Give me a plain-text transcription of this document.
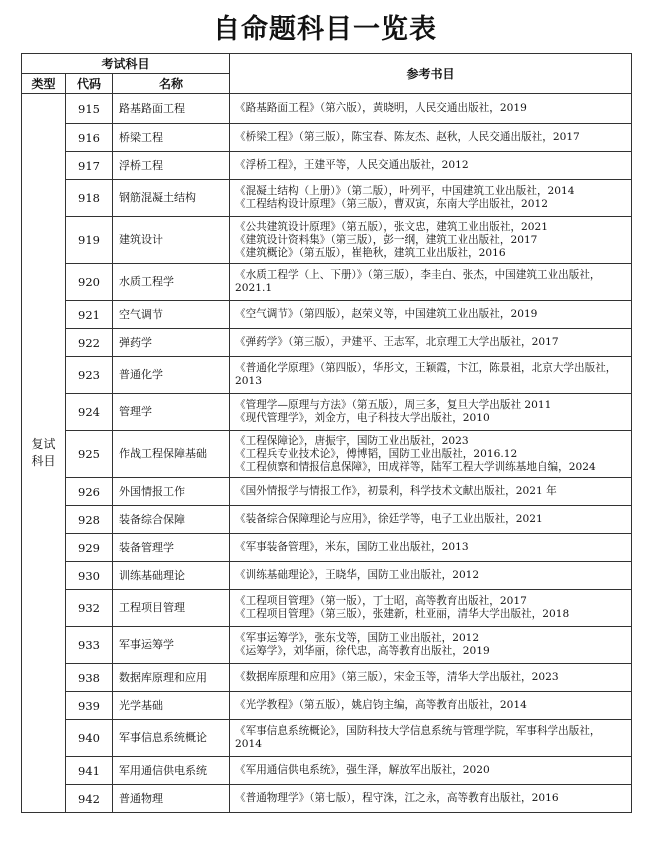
自命题科目一览表
考试科目			参考书目
类型	代码	名称	
复试
科目	915	路基路面工程	《路基路面工程》（第六版），黄晓明，人民交通出版社，2019

	916	桥梁工程	《桥梁工程》（第三版），陈宝春、陈友杰、赵秋，人民交通出版社，2017

	917	浮桥工程	《浮桥工程》，王建平等，人民交通出版社，2012

	918	钢筋混凝土结构	《混凝土结构（上册）》（第二版），叶列平，中国建筑工业出版社，2014
《工程结构设计原理》（第三版），曹双寅，东南大学出版社，2012

	919	建筑设计	《公共建筑设计原理》（第五版），张文忠，建筑工业出版社，2021
《建筑设计资料集》（第三版），彭一纲，建筑工业出版社，2017
《建筑概论》（第五版），崔艳秋，建筑工业出版社，2016

	920	水质工程学	《水质工程学（上、下册）》（第三版），李圭白、张杰，中国建筑工业出版社，2021.1

	921	空气调节	《空气调节》（第四版），赵荣义等，中国建筑工业出版社，2019

	922	弹药学	《弹药学》（第三版），尹建平、王志军，北京理工大学出版社，2017

	923	普通化学	《普通化学原理》（第四版），华彤文，王颖霞，卞江，陈景祖，北京大学出版社，2013

	924	管理学	《管理学—原理与方法》（第五版），周三多，复旦大学出版社 2011
《现代管理学》，刘金方，电子科技大学出版社，2010

	925	作战工程保障基础	《工程保障论》，唐振宇，国防工业出版社，2023
《工程兵专业技术论》，傅博韬，国防工业出版社，2016.12
《工程侦察和情报信息保障》，田成祥等，陆军工程大学训练基地自编，2024

	926	外国情报工作	《国外情报学与情报工作》，初景利，科学技术文献出版社，2021 年

	928	装备综合保障	《装备综合保障理论与应用》，徐廷学等，电子工业出版社，2021

	929	装备管理学	《军事装备管理》，米东，国防工业出版社，2013

	930	训练基础理论	《训练基础理论》，王晓华，国防工业出版社，2012

	932	工程项目管理	《工程项目管理》（第一版），丁士昭，高等教育出版社，2017
《工程项目管理》（第三版），张建新，杜亚丽，清华大学出版社，2018

	933	军事运筹学	《军事运筹学》，张东戈等，国防工业出版社，2012
《运筹学》，刘华丽，徐代忠，高等教育出版社，2019

	938	数据库原理和应用	《数据库原理和应用》（第三版），宋金玉等，清华大学出版社，2023

	939	光学基础	《光学教程》（第五版），姚启钧主编，高等教育出版社，2014

	940	军事信息系统概论	《军事信息系统概论》，国防科技大学信息系统与管理学院，军事科学出版社，2014

	941	军用通信供电系统	《军用通信供电系统》，强生泽，解放军出版社，2020

	942	普通物理	《普通物理学》（第七版），程守洙，江之永，高等教育出版社，2016
